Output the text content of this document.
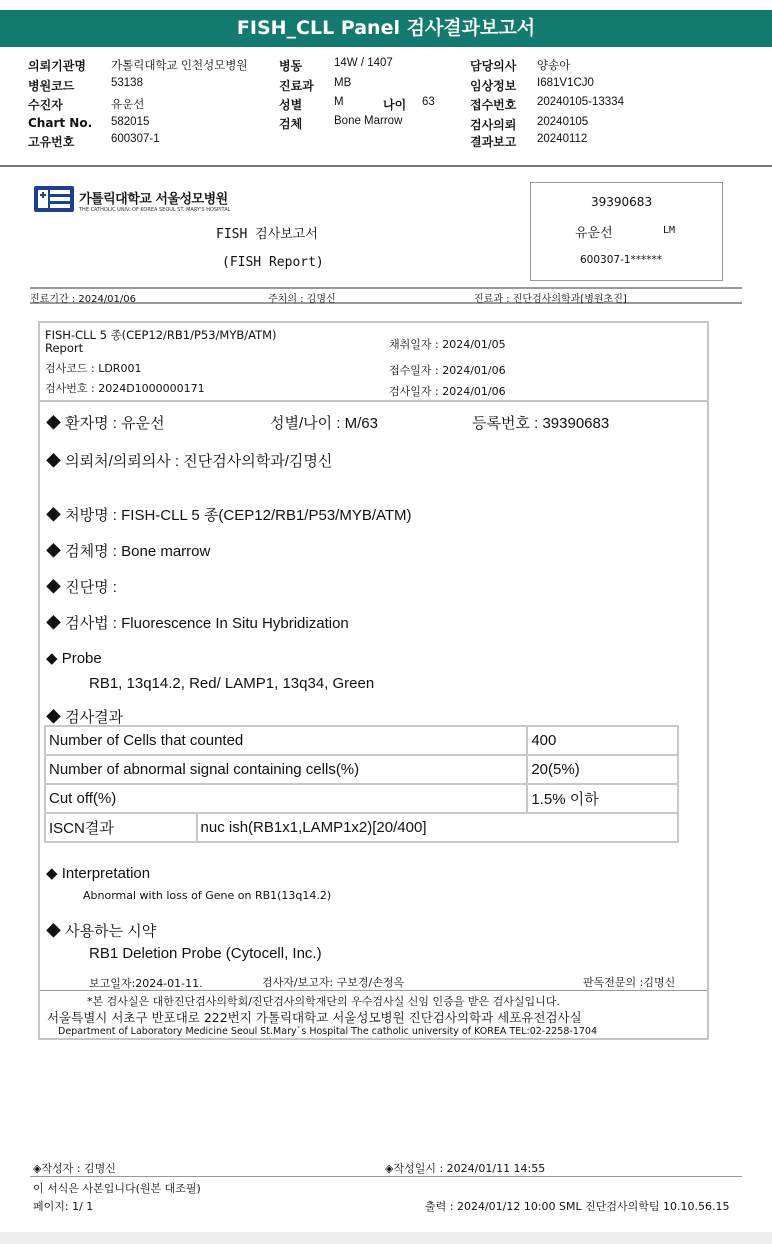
FISH_CLL Panel 검사결과보고서
의뢰기관명 가톨릭대학교 인천성모병원
병원코드	53138
수진자	유운선
Chart No. 582015
고유번호	600307-1
병동	14W / 1407
진료과 MB
성별	M	나이 63
검체	Bone Marrow
담당의사 양송아
임상정보 I681V1CJ0
접수번호 20240105-13334
검사의뢰 20240105
결과보고 20240112
가톨릭대학교 서울성모병원
THE CATHOLIC UNIV. OF KOREA SEOUL ST. MARY'S HOSPITAL
FISH 검사보고서
(FISH Report)
39390683
유운선	LM
600307-1******
진료기간 : 2024/01/06	주치의 : 김명신	진료과 : 진단검사의학과[병원초진]
FISH-CLL 5 종(CEP12/RB1/P53/MYB/ATM)
Report
검사코드 : LDR001
검사번호 : 2024D1000000171
채취일자 : 2024/01/05
접수일자 : 2024/01/06
검사일자 : 2024/01/06
◆ 환자명 : 유운선	성별/나이 : M/63	등록번호 : 39390683
◆ 의뢰처/의뢰의사 : 진단검사의학과/김명신
◆ 처방명 : FISH-CLL 5 종(CEP12/RB1/P53/MYB/ATM)
◆ 검체명 : Bone marrow
◆ 진단명 :
◆ 검사법 : Fluorescence In Situ Hybridization
◆ Probe
RB1, 13q14.2, Red/ LAMP1, 13q34, Green
◆ 검사결과
Number of Cells that counted		400
Number of abnormal signal containing cells(%)		20(5%)
Cut off(%)		1.5% 이하
ISCN결과	nuc ish(RB1x1,LAMP1x2)[20/400]	
◆ Interpretation
Abnormal with loss of Gene on RB1(13q14.2)
◆ 사용하는 시약
RB1 Deletion Probe (Cytocell, Inc.)
보고일자:2024-01-11.	검사자/보고자: 구보경/손정옥	판독전문의 :김명신
*본 검사실은 대한진단검사의학회/진단검사의학재단의 우수검사실 신임 인증을 받은 검사실입니다.
서울특별시 서초구 반포대로 222번지 가톨릭대학교 서울성모병원 진단검사의학과 세포유전검사실
Department of Laboratory Medicine Seoul St.Mary`s Hospital The catholic university of KOREA TEL:02-2258-1704
◈작성자 : 김명신	◈작성일시 : 2024/01/11 14:55
이 서식은 사본입니다(원본 대조필)
페이지: 1/ 1	출력 : 2024/01/12 10:00 SML 진단검사의학팀 10.10.56.15
